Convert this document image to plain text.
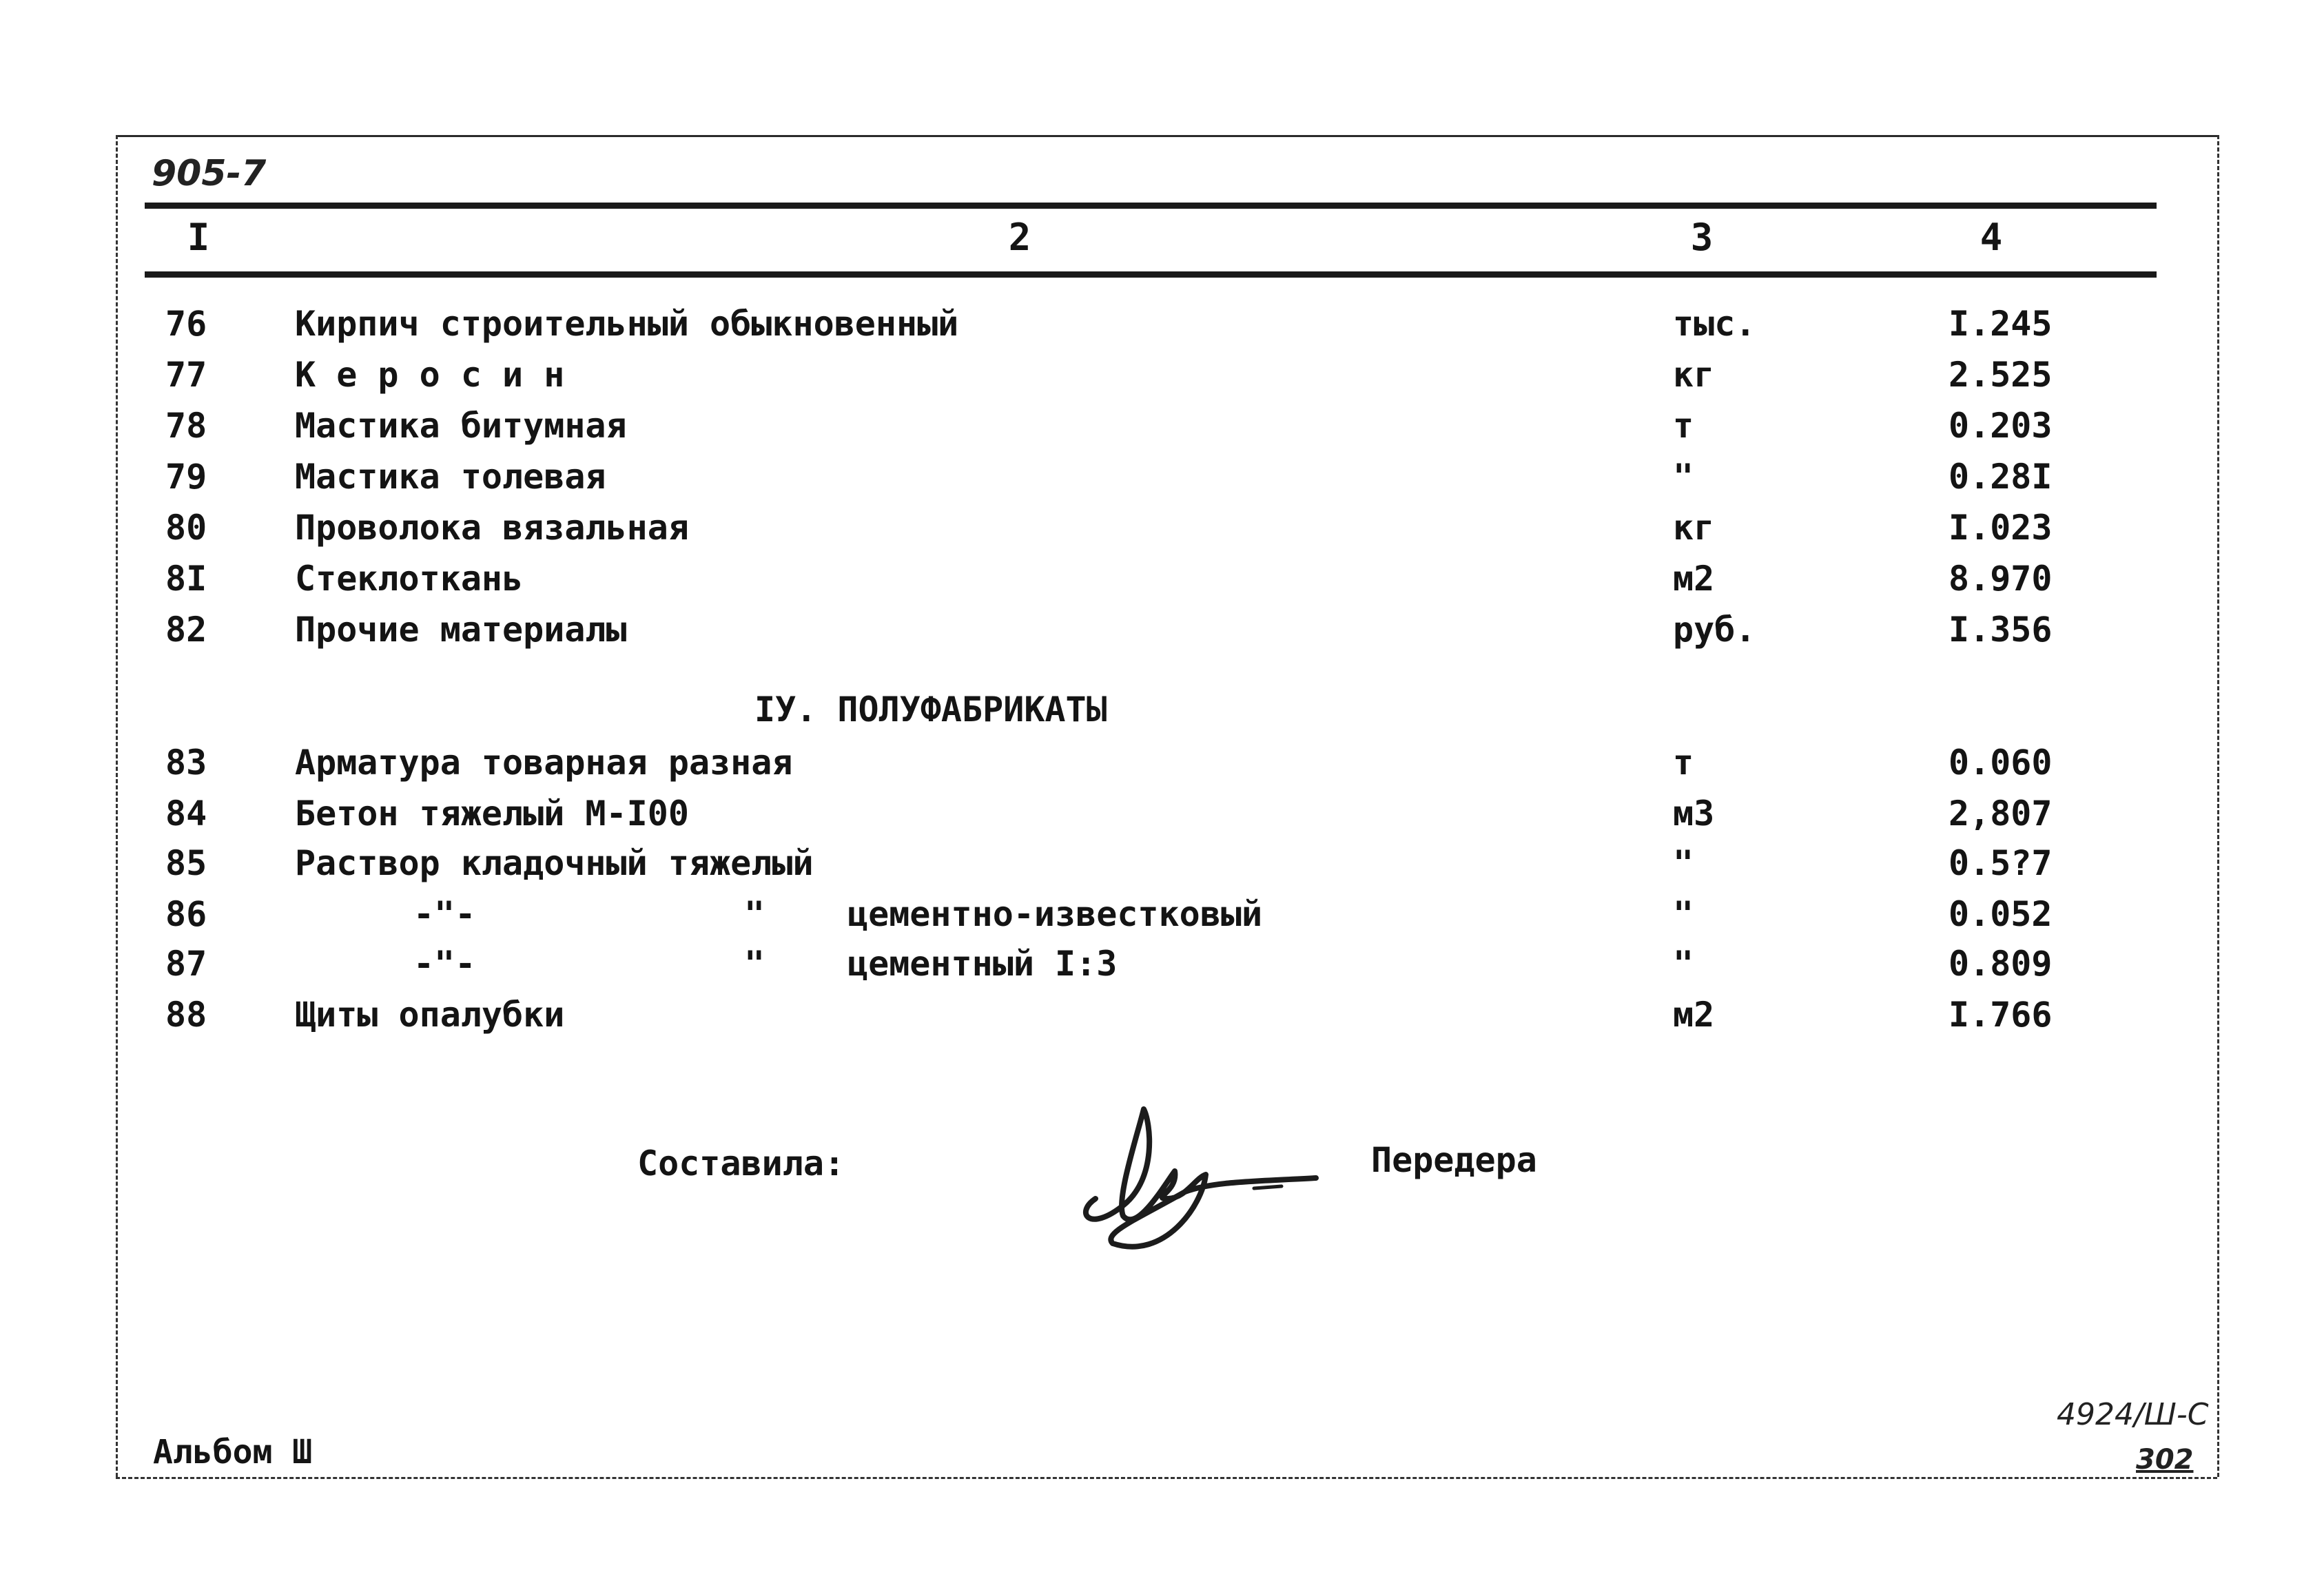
905-7
I	2	3	4
76	Кирпич строительный обыкновенный	тыс.	I.245
77	К е р о с и н	кг	2.525
78	Мастика битумная	т	0.203
79	Мастика толевая	"	0.28I
80	Проволока вязальная	кг	I.023
8I	Стеклоткань	м2	8.970
82	Прочие материалы	руб.	I.356
IУ. ПОЛУФАБРИКАТЫ
83	Арматура товарная разная	т	0.060
84	Бетон тяжелый М-I00	м3	2,807
85	Раствор кладочный тяжелый	"	0.5?7
86	-"-	" цементно-известковый	"	0.052
87	-"-	" цементный I:3	"	0.809
88	Щиты опалубки	м2	I.766
Составила:	Передера
Альбом Ш
4924/Ш-С
302
